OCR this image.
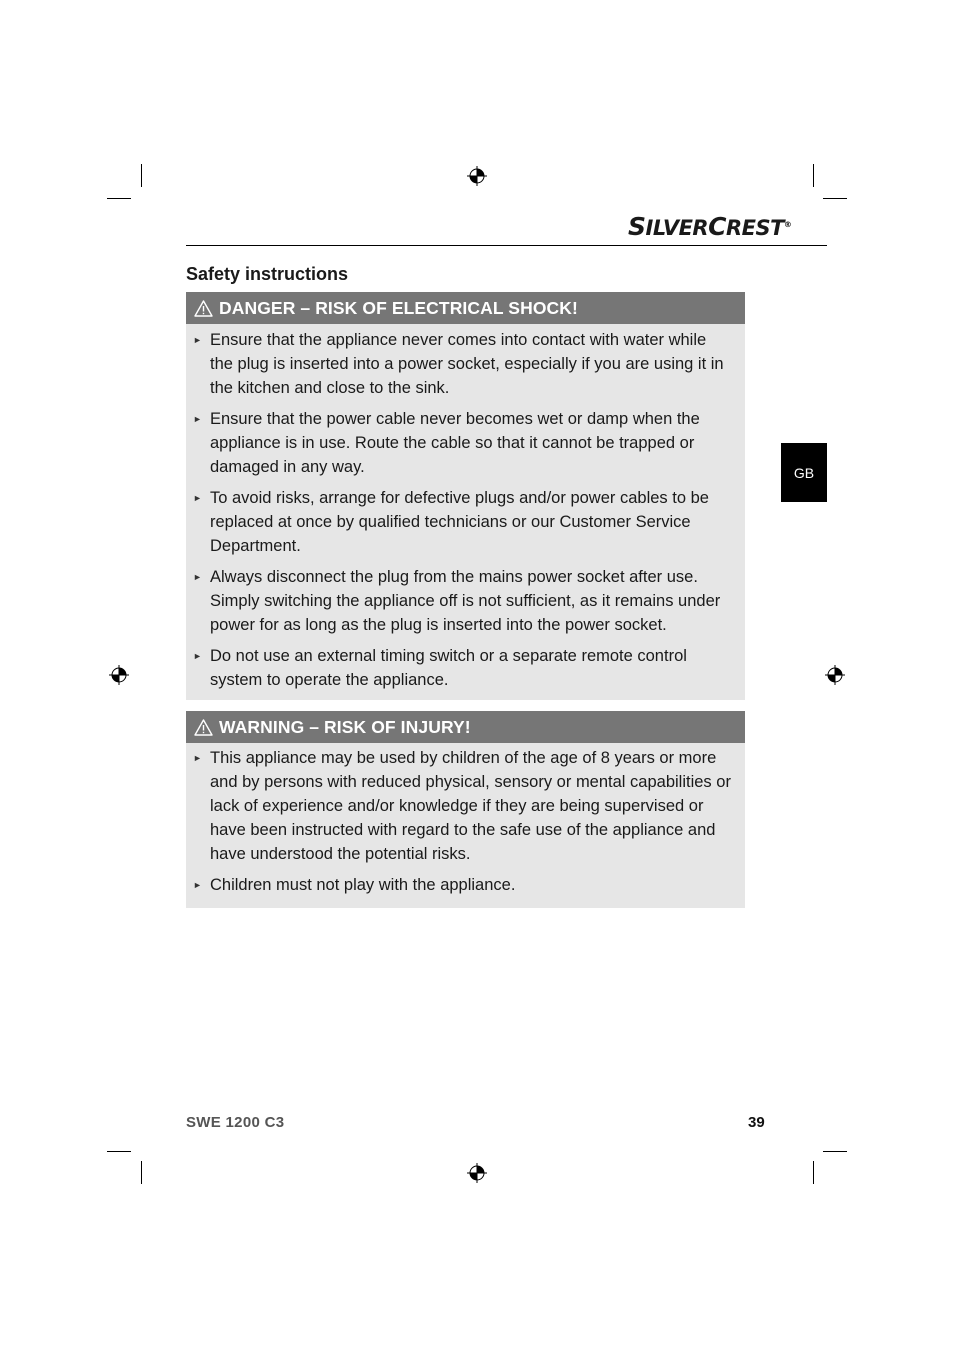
SILVERCREST®
Safety instructions
DANGER – RISK OF ELECTRICAL SHOCK!
► Ensure that the appliance never comes into contact with water while the plug is inserted into a power socket, especially if you are using it in the kitchen and close to the sink.
► Ensure that the power cable never becomes wet or damp when the appliance is in use. Route the cable so that it cannot be trapped or damaged in any way.
► To avoid risks, arrange for defective plugs and/or power cables to be replaced at once by qualified technicians or our Customer Service Department.
► Always disconnect the plug from the mains power socket after use. Simply switching the appliance off is not sufficient, as it remains under power for as long as the plug is inserted into the power socket.
► Do not use an external timing switch or a separate remote control system to operate the appliance.
WARNING – RISK OF INJURY!
► This appliance may be used by children of the age of 8 years or more and by persons with reduced physical, sensory or mental capabilities or lack of experience and/or knowledge if they are being supervised or have been instructed with regard to the safe use of the appliance and have understood the potential risks.
► Children must not play with the appliance.
GB
SWE 1200 C3	39
